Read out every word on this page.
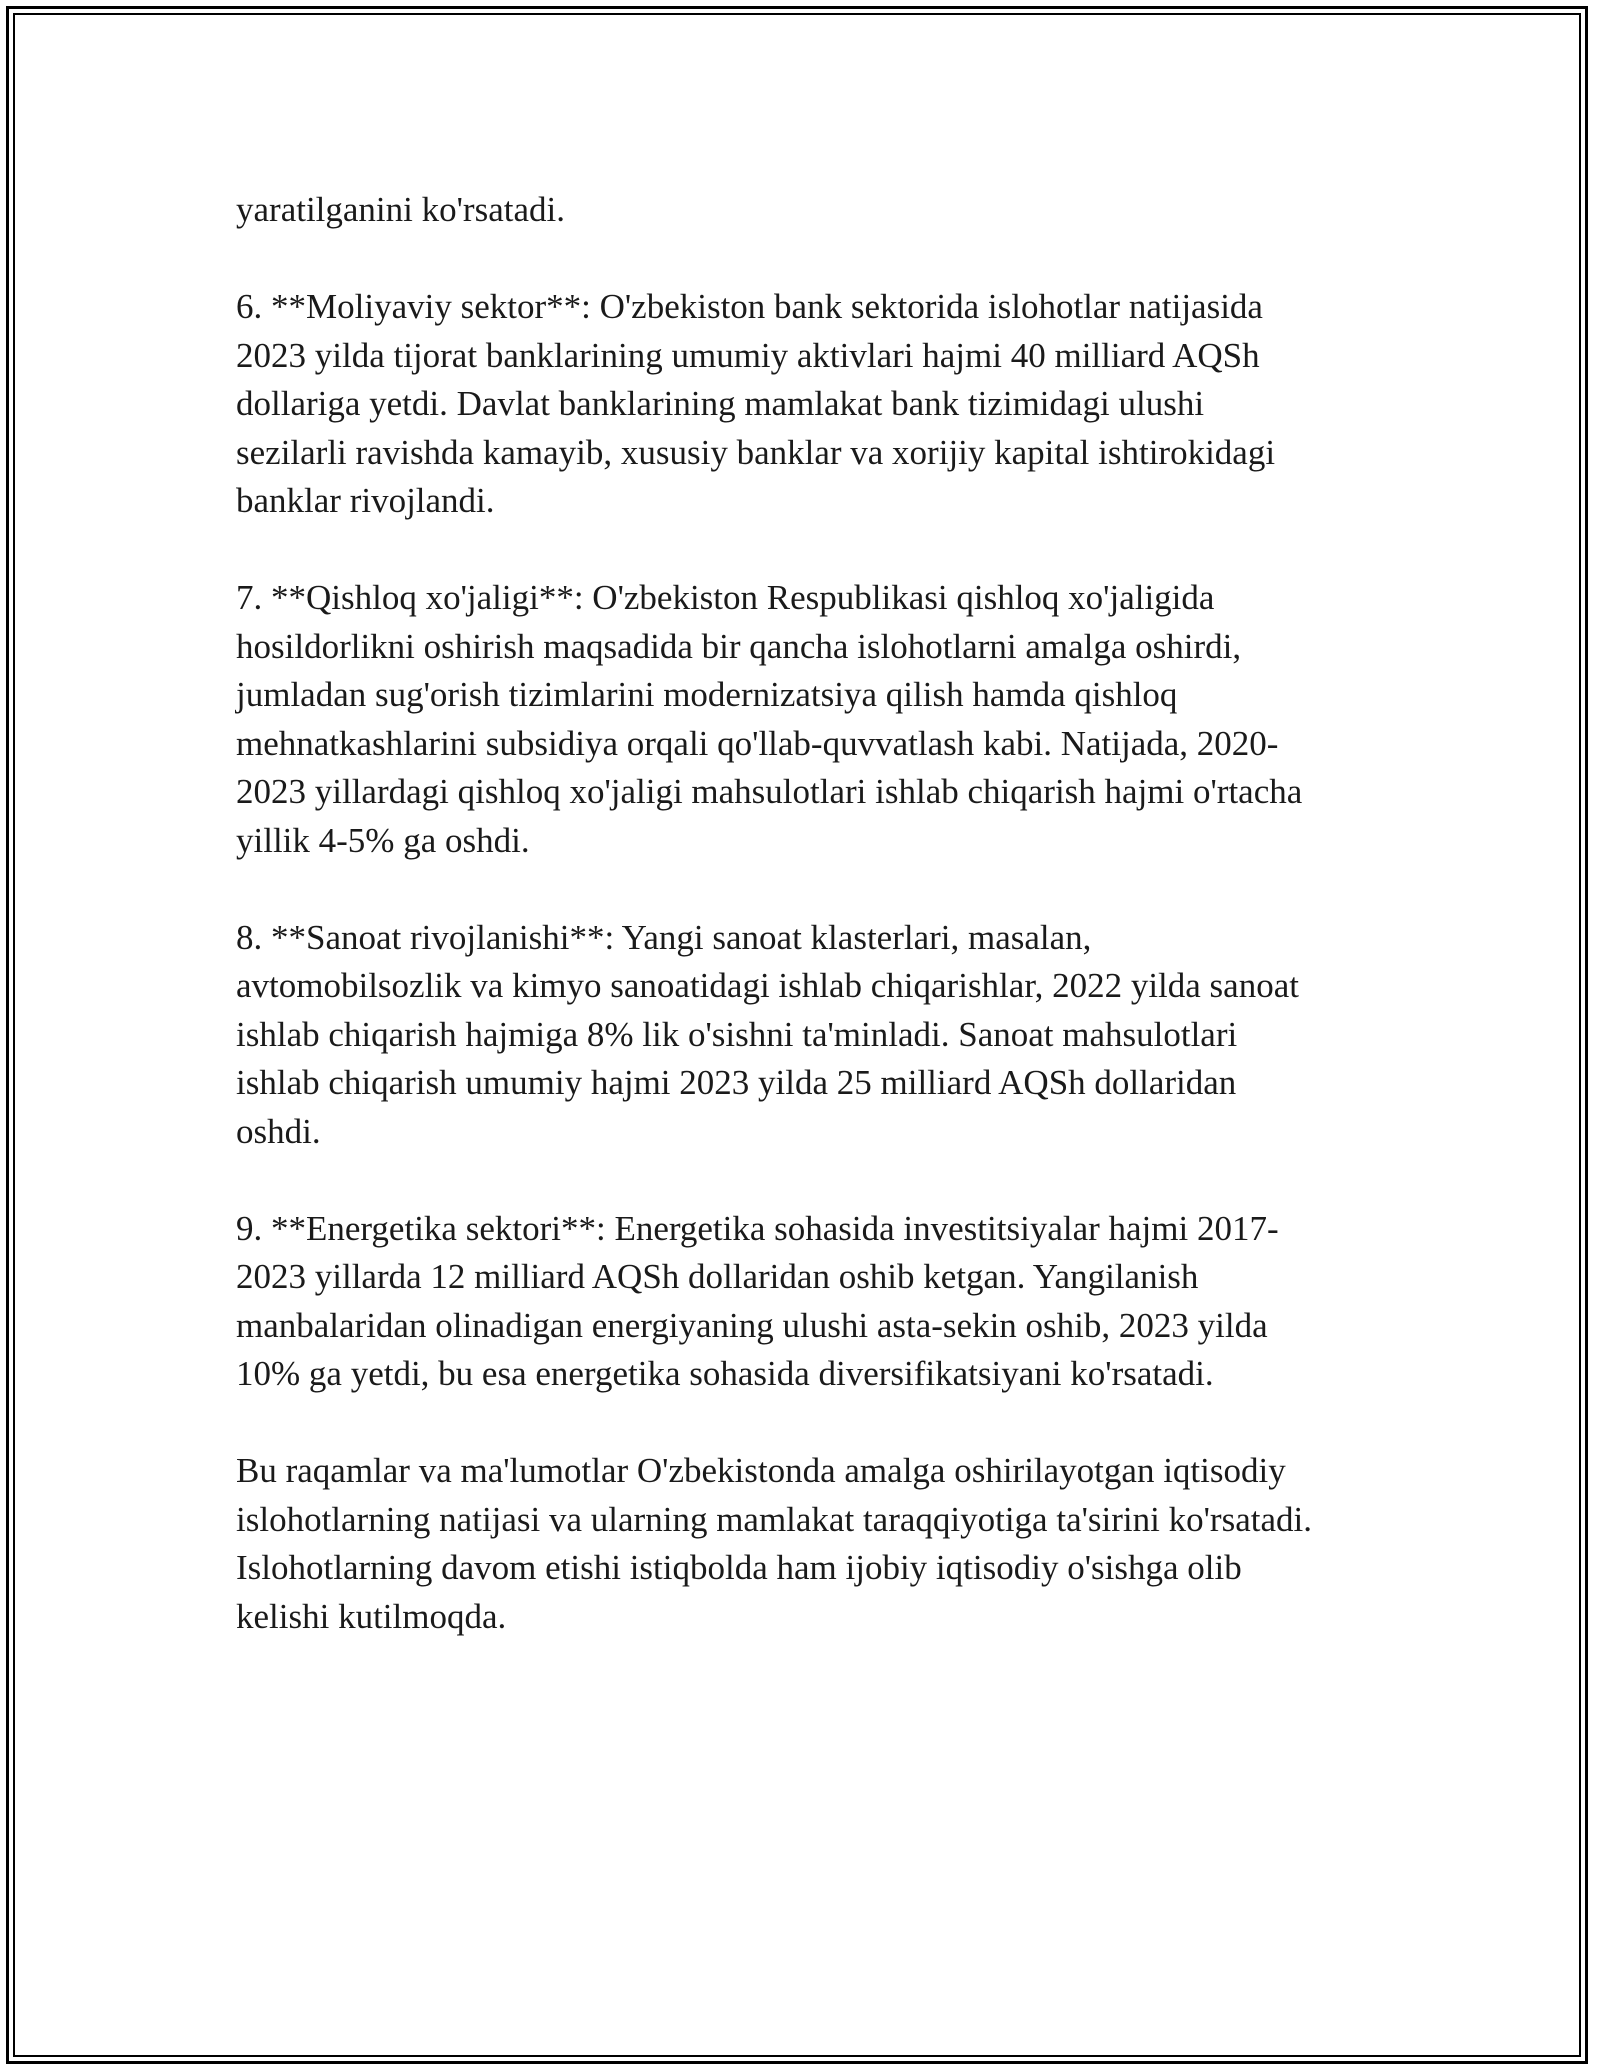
yaratilganini ko'rsatadi.

6. **Moliyaviy sektor**: O'zbekiston bank sektorida islohotlar natijasida
2023 yilda tijorat banklarining umumiy aktivlari hajmi 40 milliard AQSh
dollariga yetdi. Davlat banklarining mamlakat bank tizimidagi ulushi
sezilarli ravishda kamayib, xususiy banklar va xorijiy kapital ishtirokidagi
banklar rivojlandi.

7. **Qishloq xo'jaligi**: O'zbekiston Respublikasi qishloq xo'jaligida
hosildorlikni oshirish maqsadida bir qancha islohotlarni amalga oshirdi,
jumladan sug'orish tizimlarini modernizatsiya qilish hamda qishloq
mehnatkashlarini subsidiya orqali qo'llab-quvvatlash kabi. Natijada, 2020-
2023 yillardagi qishloq xo'jaligi mahsulotlari ishlab chiqarish hajmi o'rtacha
yillik 4-5% ga oshdi.

8. **Sanoat rivojlanishi**: Yangi sanoat klasterlari, masalan,
avtomobilsozlik va kimyo sanoatidagi ishlab chiqarishlar, 2022 yilda sanoat
ishlab chiqarish hajmiga 8% lik o'sishni ta'minladi. Sanoat mahsulotlari
ishlab chiqarish umumiy hajmi 2023 yilda 25 milliard AQSh dollaridan
oshdi.

9. **Energetika sektori**: Energetika sohasida investitsiyalar hajmi 2017-
2023 yillarda 12 milliard AQSh dollaridan oshib ketgan. Yangilanish
manbalaridan olinadigan energiyaning ulushi asta-sekin oshib, 2023 yilda
10% ga yetdi, bu esa energetika sohasida diversifikatsiyani ko'rsatadi.

Bu raqamlar va ma'lumotlar O'zbekistonda amalga oshirilayotgan iqtisodiy
islohotlarning natijasi va ularning mamlakat taraqqiyotiga ta'sirini ko'rsatadi.
Islohotlarning davom etishi istiqbolda ham ijobiy iqtisodiy o'sishga olib
kelishi kutilmoqda.
